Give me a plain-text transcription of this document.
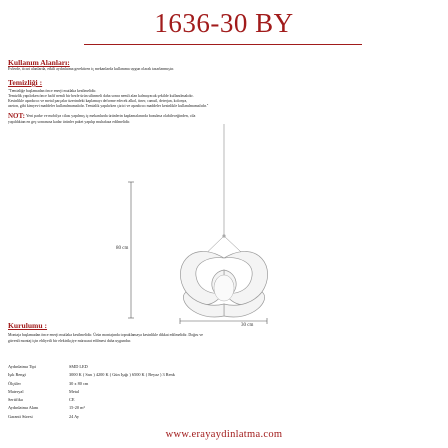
1636-30 BY
Kullanım Alanları:
Evlerde, ticari alanlarda, etkili aydınlatma gerektiren iç mekanlarda kullanıma uygun olarak tasarlanmıştır.
Temizliği :
"Temizliğe başlamadan önce enerji mutlaka kesilmelidir.
Temizlik yapılırken önce hafif nemli bir bezle ürün silinmeli daha sonra nemli alan kalmayacak şekilde kullanılmalıdır.
Kesinlikle aşındırıcı ve metal parçalar üzerindeki kaplamayı deforme edecek alkol, tiner, camsil, deterjan, kolonya,
aseton, gibi kimyevi maddeler kullanılmamalıdır. Temizlik yapılırken çizici ve aşındırıcı maddeler kesinlikle kullanılmamalıdır."
NOT: Yeni parke ve mobilya cilası yapılmış iç mekanlarda ürünlerin kaplamalarında bozulma olabileceğinden, cila
yapıldıktan en geç sonrasına kadar ürünler paket yapılıp muhafaza edilmelidir.
80 cm
30 cm
Kurulumu :
Montaja başlamadan önce enerji mutlaka kesilmelidir. Ürün montajında topraklamaya kesinlikle dikkat edilmelidir. Doğru ve
güvenli montaj için ehliyetli bir elektrikçiye müracaat edilmesi daha uygundur.
Aydınlatma Tipi	SMD LED
Işık Rengi	3000 K ( Sarı ) 4200 K ( Gün Işığı ) 6500 K ( Beyaz ) 3 Renk
Ölçüler	30 x 80 cm
Materyal	Metal
Sertifika	CE
Aydınlatma Alanı	15-20 m²
Garanti Süresi	24 Ay
www.erayaydinlatma.com
